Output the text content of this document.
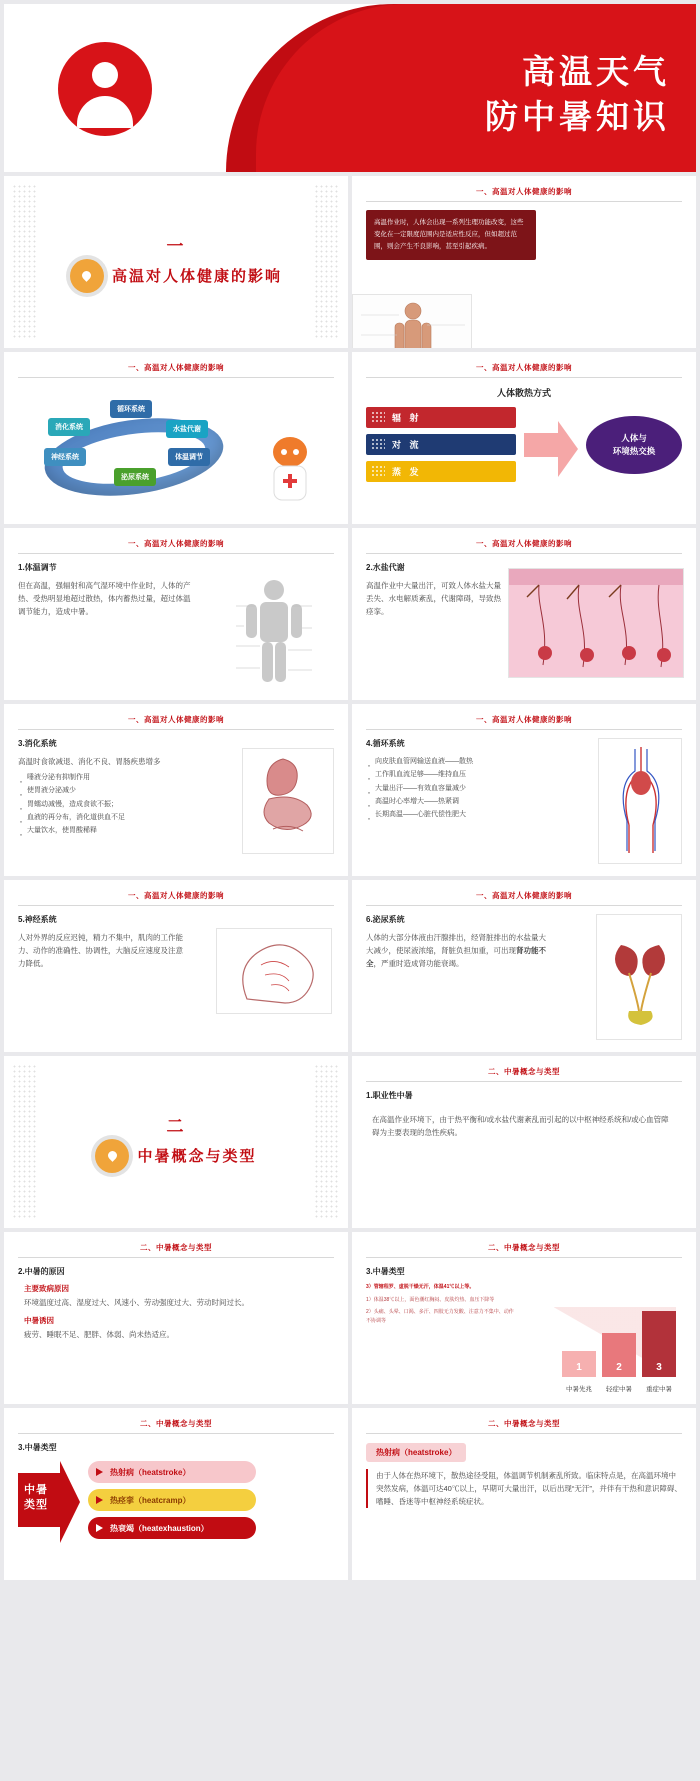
高温天气
防中暑知识
一
高温对人体健康的影响
一、高温对人体健康的影响
高温作业时，人体会出现一系列生理功能改变，这些变化在一定限度范围内是适应性反应，但如超过范围，则会产生不良影响，甚至引起疾病。
一、高温对人体健康的影响
循环系统
水盐代谢
体温调节
泌尿系统
神经系统
消化系统
一、高温对人体健康的影响
人体散热方式
辐 射
对 流
蒸 发
人体与
环境热交换
一、高温对人体健康的影响
1.体温调节
但在高温，强辐射和高气湿环境中作业时，人体的产热、受热明显地超过散热，体内蓄热过量，超过体温调节能力，造成中暑。
一、高温对人体健康的影响
2.水盐代谢
高温作业中大量出汗，可致人体水盐大量丢失、水电解质紊乱，代谢障碍，导致热痉挛。
一、高温对人体健康的影响
3.消化系统
高温时食欲减退、消化不良、胃肠疾患增多
· 唾液分泌有抑制作用
· 使胃液分泌减少
· 胃蠕动减慢，造成食欲不振；
· 血液的再分布，消化道供血不足
· 大量饮水，使胃酸稀释
一、高温对人体健康的影响
4.循环系统
· 向皮肤血管网输送血液——散热
· 工作肌血流足够——维持血压
· 大量出汗——有效血容量减少
· 高温时心率增大——热紧调
· 长期高温——心脏代偿性肥大
一、高温对人体健康的影响
5.神经系统
人对外界的反应迟钝，精力不集中，肌肉的工作能力、动作的准确性、协调性，大脑反应速度及注意力降低。
一、高温对人体健康的影响
6.泌尿系统
人体的大部分体液由汗腺排出，经肾脏排出的水盐量大大减少，使尿液浓缩，肾脏负担加重，可出现肾功能不全，严重时造成肾功能衰竭。
二
中暑概念与类型
二、中暑概念与类型
1.职业性中暑
在高温作业环境下，由于热平衡和/或水盐代谢紊乱而引起的以中枢神经系统和/或心血管障碍为主要表现的急性疾病。
二、中暑概念与类型
2.中暑的原因
主要致病原因
环境温度过高、湿度过大、风速小、劳动强度过大、劳动时间过长。
中暑诱因
疲劳、睡眠不足、肥胖、体弱、尚未热适应。
二、中暑概念与类型
3.中暑类型
3）管辖程罗、虚脱干燥无汗，体温41℃以上等。
1）体温38℃以上，面色潮红胸闷、皮肤灼热、血压下降等
2）头痛、头晕、口渴、多汗、四肢无力发酸、注意力不集中、动作不协调等
1	2	3
中暑先兆	轻症中暑	重症中暑
二、中暑概念与类型
3.中暑类型
中暑
类型
热射病（heatstroke）
热痉挛（heatcramp）
热衰竭（heatexhaustion）
二、中暑概念与类型
热射病（heatstroke）
由于人体在热环境下，散热途径受阻，体温调节机制紊乱所致。临床特点是，在高温环境中突然发病，体温可达40℃以上，早期可大量出汗，以后出现“无汗”，并伴有干热和意识障碍、嗜睡、昏迷等中枢神经系统症状。
